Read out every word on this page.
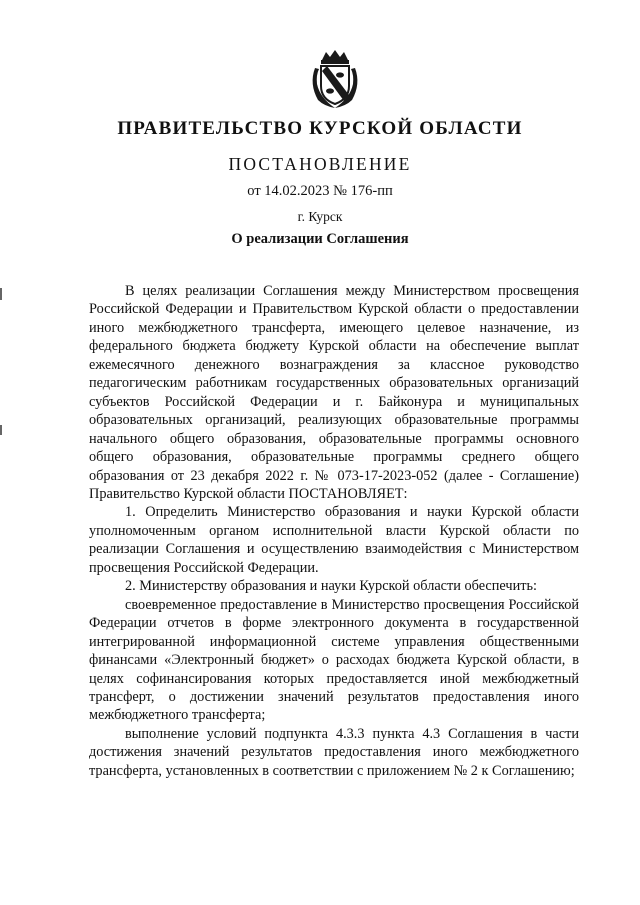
ПРАВИТЕЛЬСТВО КУРСКОЙ ОБЛАСТИ
ПОСТАНОВЛЕНИЕ
от 14.02.2023 № 176-пп
г. Курск
О реализации Соглашения

В целях реализации Соглашения между Министерством просвещения Российской Федерации и Правительством Курской области о предоставлении иного межбюджетного трансферта, имеющего целевое назначение, из федерального бюджета бюджету Курской области на обеспечение выплат ежемесячного денежного вознаграждения за классное руководство педагогическим работникам государственных образовательных организаций субъектов Российской Федерации и г. Байконура и муниципальных образовательных организаций, реализующих образовательные программы начального общего образования, образовательные программы основного общего образования, образовательные программы среднего общего образования от 23 декабря 2022 г. № 073-17-2023-052 (далее - Соглашение) Правительство Курской области ПОСТАНОВЛЯЕТ:

1. Определить Министерство образования и науки Курской области уполномоченным органом исполнительной власти Курской области по реализации Соглашения и осуществлению взаимодействия с Министерством просвещения Российской Федерации.

2. Министерству образования и науки Курской области обеспечить:

своевременное предоставление в Министерство просвещения Российской Федерации отчетов в форме электронного документа в государственной интегрированной информационной системе управления общественными финансами «Электронный бюджет» о расходах бюджета Курской области, в целях софинансирования которых предоставляется иной межбюджетный трансферт, о достижении значений результатов предоставления иного межбюджетного трансферта;

выполнение условий подпункта 4.3.3 пункта 4.3 Соглашения в части достижения значений результатов предоставления иного межбюджетного трансферта, установленных в соответствии с приложением № 2 к Соглашению;
